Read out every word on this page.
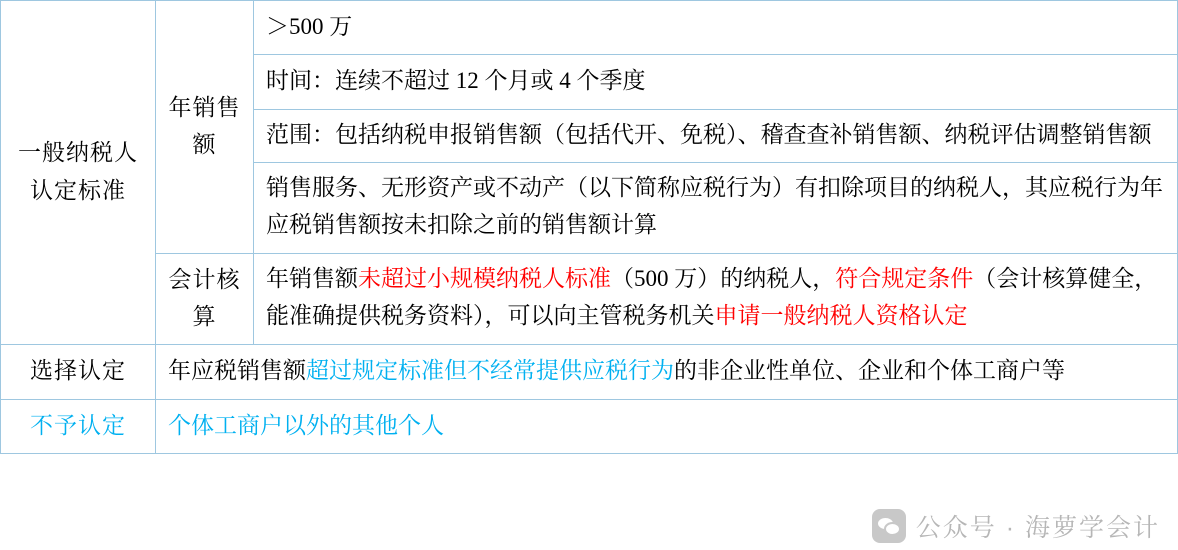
一般纳税人认定标准	年销售额	＞500 万
		时间：连续不超过 12 个月或 4 个季度
		范围：包括纳税申报销售额（包括代开、免税）、稽查查补销售额、纳税评估调整销售额
		销售服务、无形资产或不动产（以下简称应税行为）有扣除项目的纳税人，其应税行为年应税销售额按未扣除之前的销售额计算
	会计核算	年销售额未超过小规模纳税人标准（500 万）的纳税人，符合规定条件（会计核算健全，能准确提供税务资料），可以向主管税务机关申请一般纳税人资格认定

选择认定	年应税销售额超过规定标准但不经常提供应税行为的非企业性单位、企业和个体工商户等	
不予认定	个体工商户以外的其他个人	
公众号 · 海萝学会计
